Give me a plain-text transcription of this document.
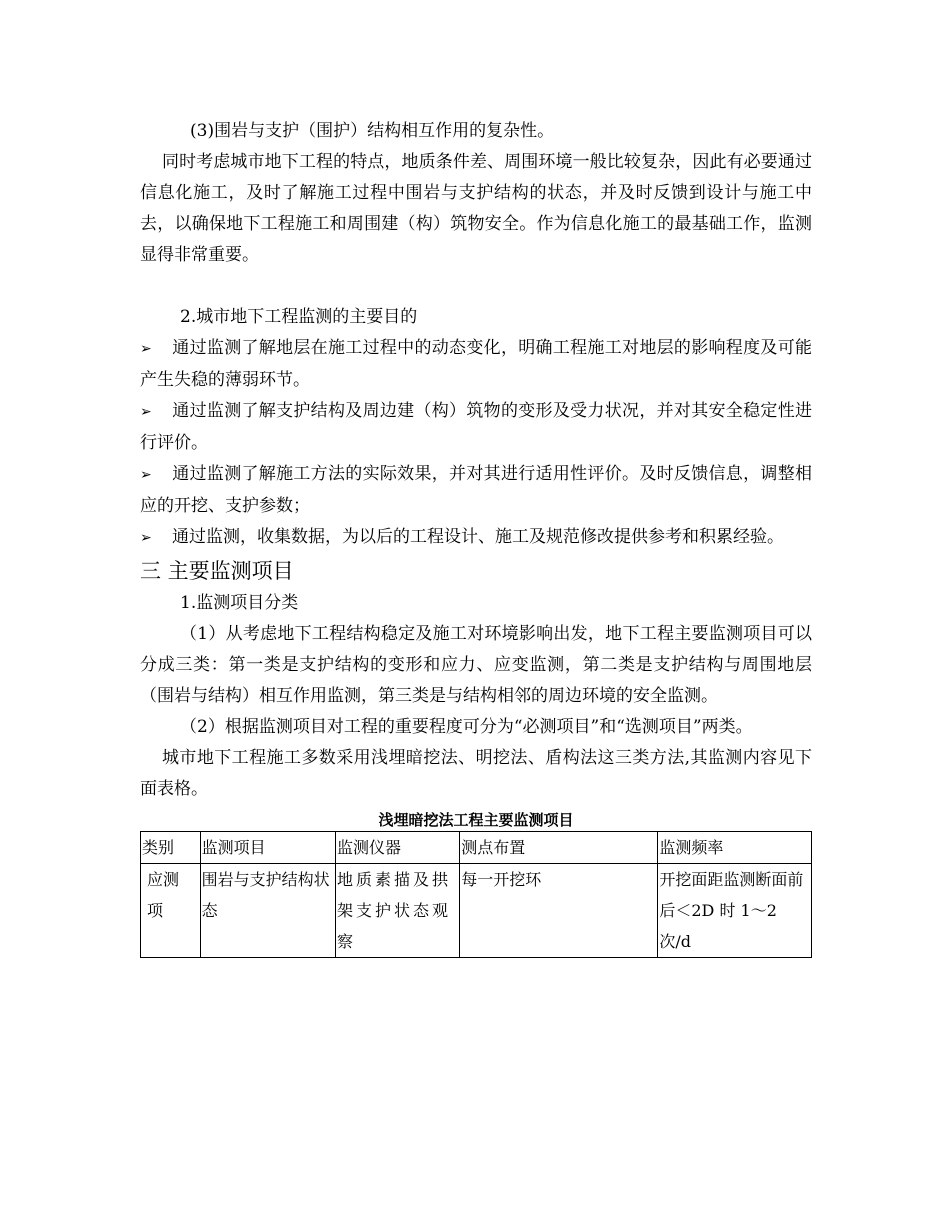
(3)围岩与支护（围护）结构相互作用的复杂性。

同时考虑城市地下工程的特点，地质条件差、周围环境一般比较复杂，因此有必要通过信息化施工，及时了解施工过程中围岩与支护结构的状态，并及时反馈到设计与施工中去，以确保地下工程施工和周围建（构）筑物安全。作为信息化施工的最基础工作，监测显得非常重要。

2.城市地下工程监测的主要目的

➢ 通过监测了解地层在施工过程中的动态变化，明确工程施工对地层的影响程度及可能产生失稳的薄弱环节。

➢ 通过监测了解支护结构及周边建（构）筑物的变形及受力状况，并对其安全稳定性进行评价。

➢ 通过监测了解施工方法的实际效果，并对其进行适用性评价。及时反馈信息，调整相应的开挖、支护参数；

➢ 通过监测，收集数据，为以后的工程设计、施工及规范修改提供参考和积累经验。

三 主要监测项目

1.监测项目分类

（1）从考虑地下工程结构稳定及施工对环境影响出发，地下工程主要监测项目可以分成三类：第一类是支护结构的变形和应力、应变监测，第二类是支护结构与周围地层（围岩与结构）相互作用监测，第三类是与结构相邻的周边环境的安全监测。

（2）根据监测项目对工程的重要程度可分为“必测项目”和“选测项目”两类。

城市地下工程施工多数采用浅埋暗挖法、明挖法、盾构法这三类方法,其监测内容见下面表格。

浅埋暗挖法工程主要监测项目
类别	监测项目	监测仪器	测点布置	监测频率
应测项	围岩与支护结构状态	地质素描及拱架支护状态观察	每一开挖环	开挖面距监测断面前后＜2D 时 1～2 次/d
